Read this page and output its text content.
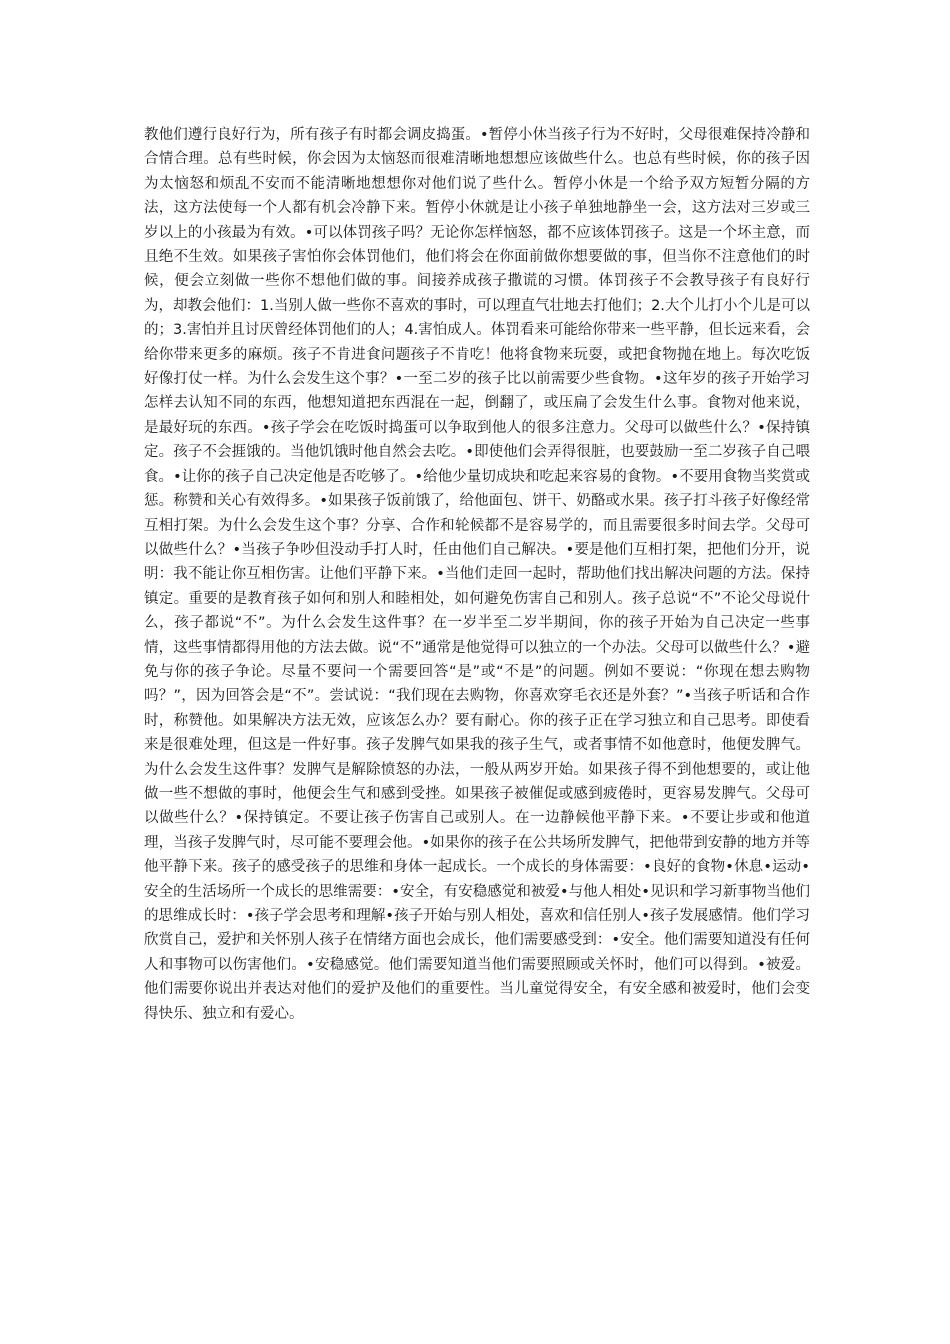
教他们遵行良好行为，所有孩子有时都会调皮捣蛋。•暂停小休当孩子行为不好时，父母很难保持冷静和合情合理。总有些时候，你会因为太恼怒而很难清晰地想想应该做些什么。也总有些时候，你的孩子因为太恼怒和烦乱不安而不能清晰地想想你对他们说了些什么。暂停小休是一个给予双方短暂分隔的方法，这方法使每一个人都有机会冷静下来。暂停小休就是让小孩子单独地静坐一会，这方法对三岁或三岁以上的小孩最为有效。•可以体罚孩子吗？无论你怎样恼怒，都不应该体罚孩子。这是一个坏主意，而且绝不生效。如果孩子害怕你会体罚他们，他们将会在你面前做你想要做的事，但当你不注意他们的时候，便会立刻做一些你不想他们做的事。间接养成孩子撒谎的习惯。体罚孩子不会教导孩子有良好行为，却教会他们：1.当别人做一些你不喜欢的事时，可以理直气壮地去打他们；2.大个儿打小个儿是可以的；3.害怕并且讨厌曾经体罚他们的人；4.害怕成人。体罚看来可能给你带来一些平静，但长远来看，会给你带来更多的麻烦。孩子不肯进食问题孩子不肯吃！他将食物来玩耍，或把食物抛在地上。每次吃饭好像打仗一样。为什么会发生这个事？•一至二岁的孩子比以前需要少些食物。•这年岁的孩子开始学习怎样去认知不同的东西，他想知道把东西混在一起，倒翻了，或压扁了会发生什么事。食物对他来说，是最好玩的东西。•孩子学会在吃饭时捣蛋可以争取到他人的很多注意力。父母可以做些什么？•保持镇定。孩子不会捱饿的。当他饥饿时他自然会去吃。•即使他们会弄得很脏，也要鼓励一至二岁孩子自己喂食。•让你的孩子自己决定他是否吃够了。•给他少量切成块和吃起来容易的食物。•不要用食物当奖赏或惩。称赞和关心有效得多。•如果孩子饭前饿了，给他面包、饼干、奶酪或水果。孩子打斗孩子好像经常互相打架。为什么会发生这个事？分享、合作和轮候都不是容易学的，而且需要很多时间去学。父母可以做些什么？•当孩子争吵但没动手打人时，任由他们自己解决。•要是他们互相打架，把他们分开，说明：我不能让你互相伤害。让他们平静下来。•当他们走回一起时，帮助他们找出解决问题的方法。保持镇定。重要的是教育孩子如何和别人和睦相处，如何避免伤害自己和别人。孩子总说“不”不论父母说什么，孩子都说“不”。为什么会发生这件事？在一岁半至二岁半期间，你的孩子开始为自己决定一些事情，这些事情都得用他的方法去做。说“不”通常是他觉得可以独立的一个办法。父母可以做些什么？•避免与你的孩子争论。尽量不要问一个需要回答“是”或“不是”的问题。例如不要说：“你现在想去购物吗？”，因为回答会是“不”。尝试说：“我们现在去购物，你喜欢穿毛衣还是外套？”•当孩子听话和合作时，称赞他。如果解决方法无效，应该怎么办？要有耐心。你的孩子正在学习独立和自己思考。即使看来是很难处理，但这是一件好事。孩子发脾气如果我的孩子生气，或者事情不如他意时，他便发脾气。为什么会发生这件事？发脾气是解除愤怒的办法，一般从两岁开始。如果孩子得不到他想要的，或让他做一些不想做的事时，他便会生气和感到受挫。如果孩子被催促或感到疲倦时，更容易发脾气。父母可以做些什么？•保持镇定。不要让孩子伤害自己或别人。在一边静候他平静下来。•不要让步或和他道理，当孩子发脾气时，尽可能不要理会他。•如果你的孩子在公共场所发脾气，把他带到安静的地方并等他平静下来。孩子的感受孩子的思维和身体一起成长。一个成长的身体需要：•良好的食物•休息•运动•安全的生活场所一个成长的思维需要：•安全，有安稳感觉和被爱•与他人相处•见识和学习新事物当他们的思维成长时：•孩子学会思考和理解•孩子开始与别人相处，喜欢和信任别人•孩子发展感情。他们学习欣赏自己，爱护和关怀别人孩子在情绪方面也会成长，他们需要感受到：•安全。他们需要知道没有任何人和事物可以伤害他们。•安稳感觉。他们需要知道当他们需要照顾或关怀时，他们可以得到。•被爱。他们需要你说出并表达对他们的爱护及他们的重要性。当儿童觉得安全，有安全感和被爱时，他们会变得快乐、独立和有爱心。
